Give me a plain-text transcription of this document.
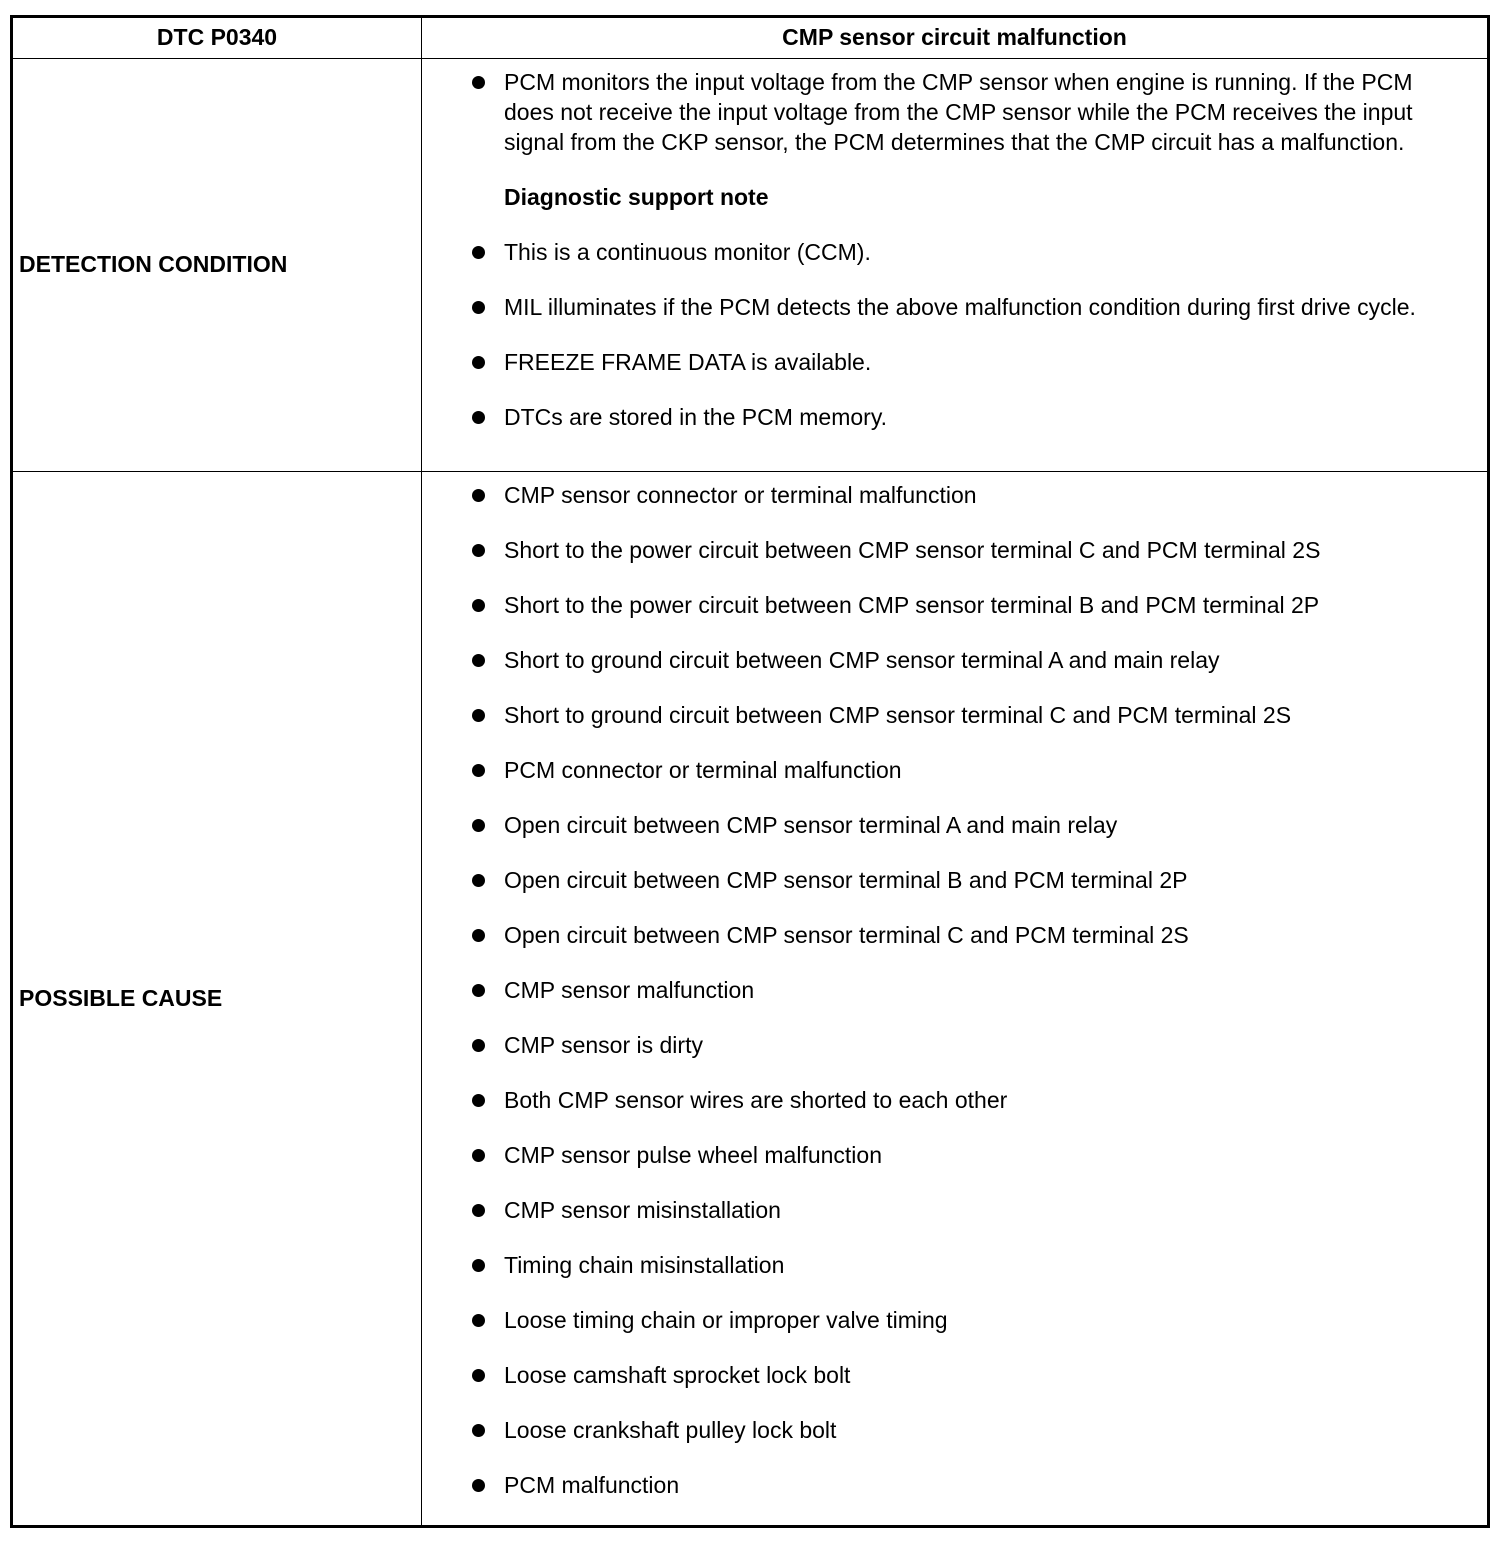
DTC P0340	CMP sensor circuit malfunction
DETECTION CONDITION
PCM monitors the input voltage from the CMP sensor when engine is running. If the PCM does not receive the input voltage from the CMP sensor while the PCM receives the input signal from the CKP sensor, the PCM determines that the CMP circuit has a malfunction.
Diagnostic support note
This is a continuous monitor (CCM).
MIL illuminates if the PCM detects the above malfunction condition during first drive cycle.
FREEZE FRAME DATA is available.
DTCs are stored in the PCM memory.
POSSIBLE CAUSE
CMP sensor connector or terminal malfunction
Short to the power circuit between CMP sensor terminal C and PCM terminal 2S
Short to the power circuit between CMP sensor terminal B and PCM terminal 2P
Short to ground circuit between CMP sensor terminal A and main relay
Short to ground circuit between CMP sensor terminal C and PCM terminal 2S
PCM connector or terminal malfunction
Open circuit between CMP sensor terminal A and main relay
Open circuit between CMP sensor terminal B and PCM terminal 2P
Open circuit between CMP sensor terminal C and PCM terminal 2S
CMP sensor malfunction
CMP sensor is dirty
Both CMP sensor wires are shorted to each other
CMP sensor pulse wheel malfunction
CMP sensor misinstallation
Timing chain misinstallation
Loose timing chain or improper valve timing
Loose camshaft sprocket lock bolt
Loose crankshaft pulley lock bolt
PCM malfunction
